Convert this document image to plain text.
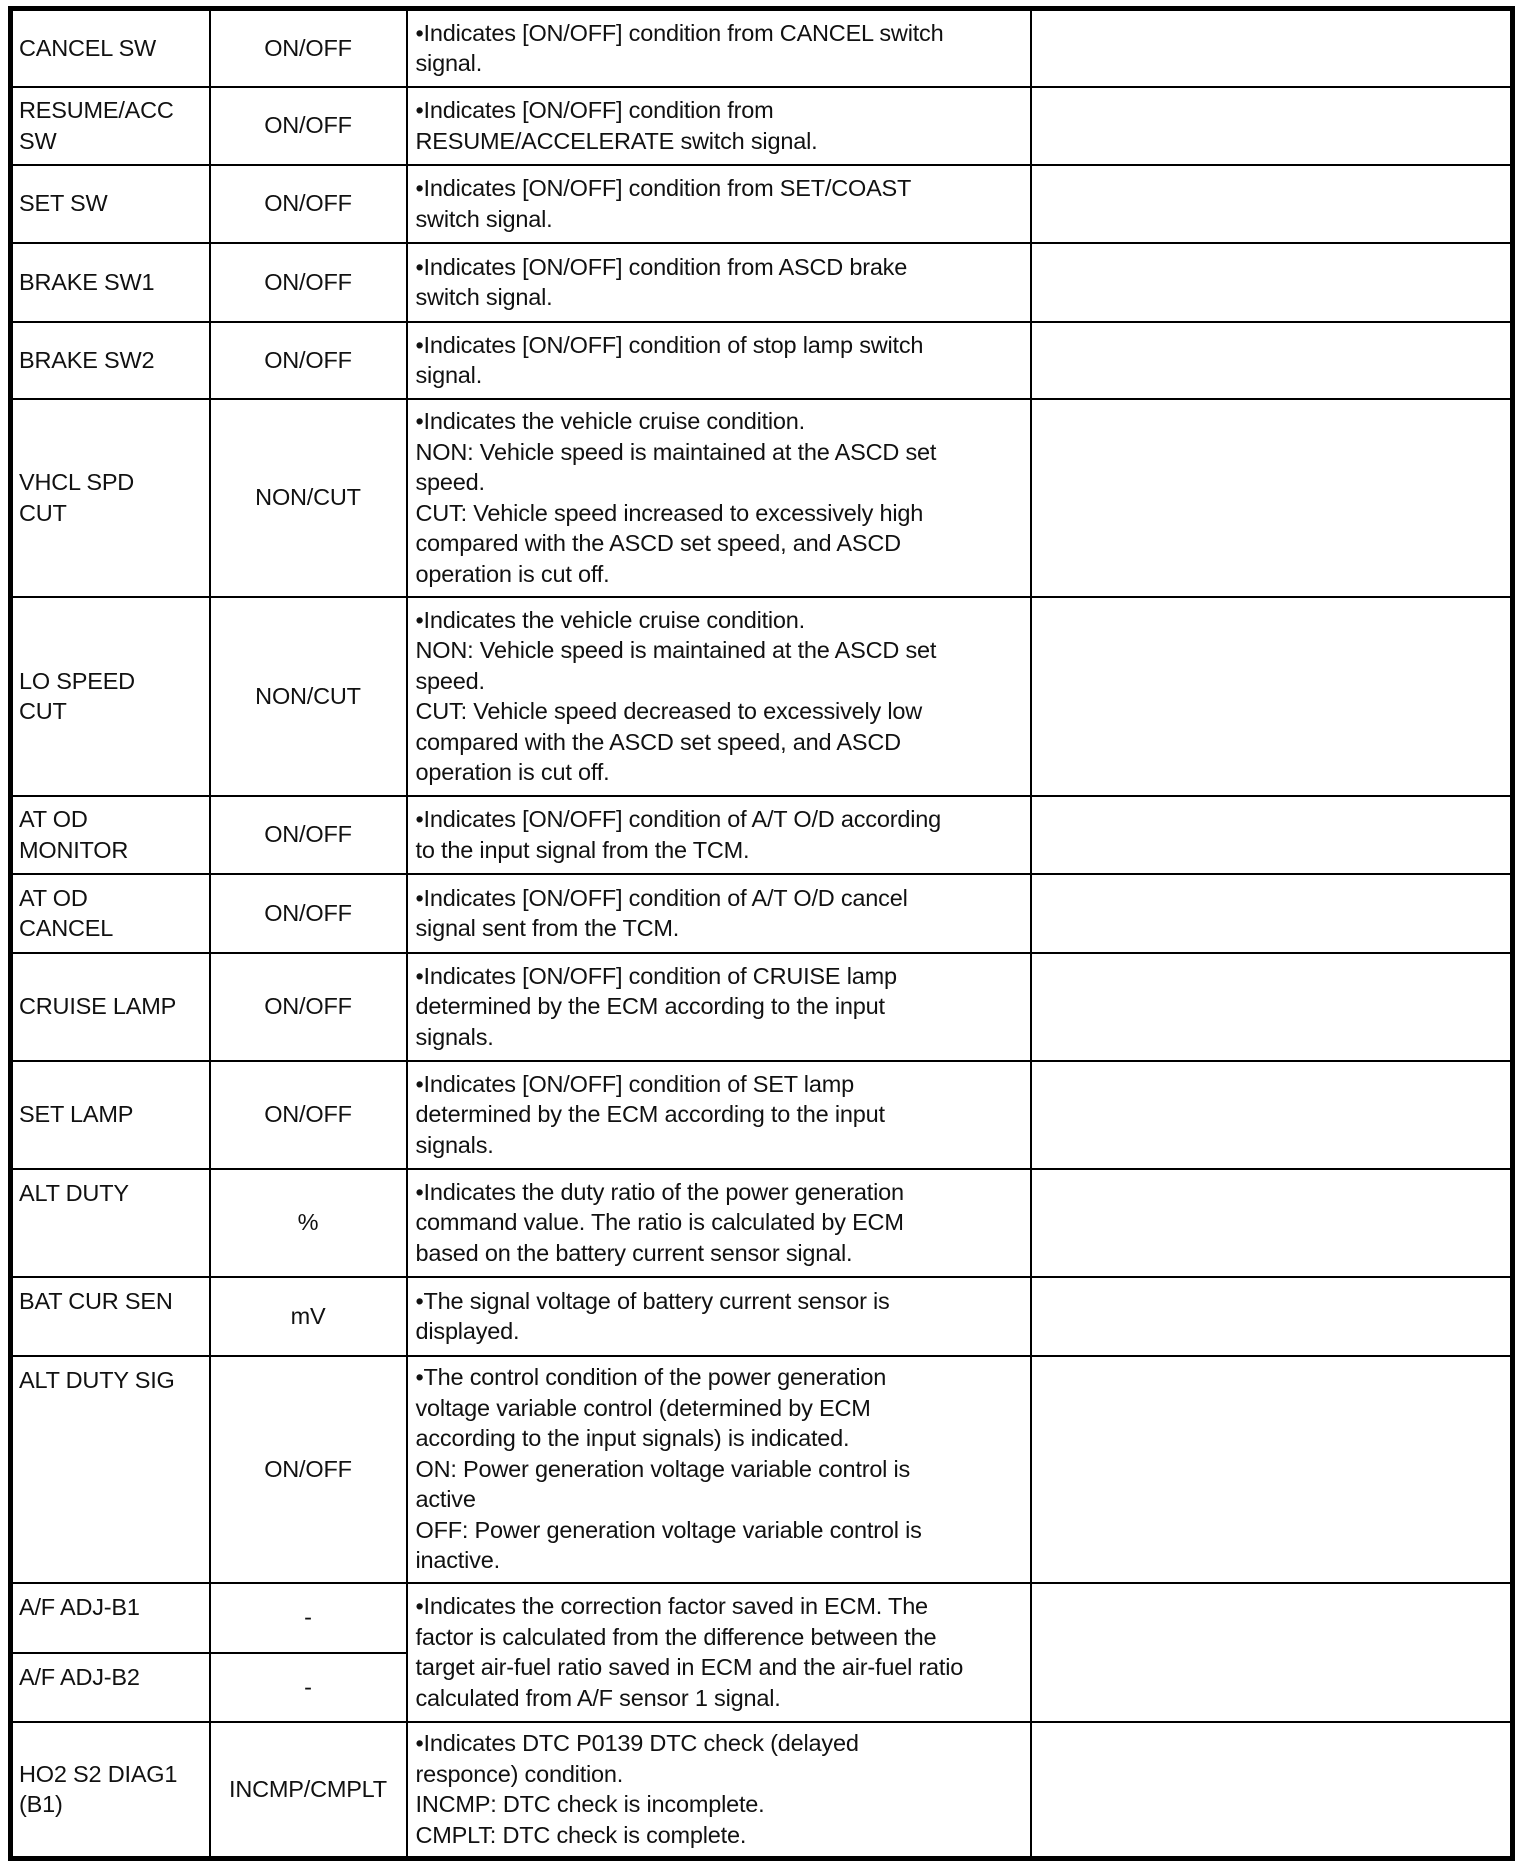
CANCEL SW	ON/OFF	•Indicates [ON/OFF] condition from CANCEL switch
signal.	

RESUME/ACC
SW	ON/OFF	•Indicates [ON/OFF] condition from
RESUME/ACCELERATE switch signal.	

SET SW	ON/OFF	•Indicates [ON/OFF] condition from SET/COAST
switch signal.	

BRAKE SW1	ON/OFF	•Indicates [ON/OFF] condition from ASCD brake
switch signal.	

BRAKE SW2	ON/OFF	•Indicates [ON/OFF] condition of stop lamp switch
signal.	

VHCL SPD
CUT
	NON/CUT	
•Indicates the vehicle cruise condition.
NON: Vehicle speed is maintained at the ASCD set
speed.
CUT: Vehicle speed increased to excessively high
compared with the ASCD set speed, and ASCD
operation is cut off.

LO SPEED
CUT
	NON/CUT	
•Indicates the vehicle cruise condition.
NON: Vehicle speed is maintained at the ASCD set
speed.
CUT: Vehicle speed decreased to excessively low
compared with the ASCD set speed, and ASCD
operation is cut off.

AT OD
MONITOR	ON/OFF	•Indicates [ON/OFF] condition of A/T O/D according
to the input signal from the TCM.	

AT OD
CANCEL	ON/OFF	•Indicates [ON/OFF] condition of A/T O/D cancel
signal sent from the TCM.	

CRUISE LAMP	ON/OFF	•Indicates [ON/OFF] condition of CRUISE lamp
determined by the ECM according to the input
signals.	

SET LAMP	ON/OFF	•Indicates [ON/OFF] condition of SET lamp
determined by the ECM according to the input
signals.	

ALT DUTY	%	•Indicates the duty ratio of the power generation
command value. The ratio is calculated by ECM
based on the battery current sensor signal.	

BAT CUR SEN	mV	•The signal voltage of battery current sensor is
displayed.	

ALT DUTY SIG
	ON/OFF	
•The control condition of the power generation
voltage variable control (determined by ECM
according to the input signals) is indicated.
ON: Power generation voltage variable control is
active
OFF: Power generation voltage variable control is
inactive.

A/F ADJ-B1	-	•Indicates the correction factor saved in ECM. The
factor is calculated from the difference between the
target air-fuel ratio saved in ECM and the air-fuel ratio
calculated from A/F sensor 1 signal.	

A/F ADJ-B2	-		

HO2 S2 DIAG1
(B1)	INCMP/CMPLT	•Indicates DTC P0139 DTC check (delayed
responce) condition.
INCMP: DTC check is incomplete.
CMPLT: DTC check is complete.	
